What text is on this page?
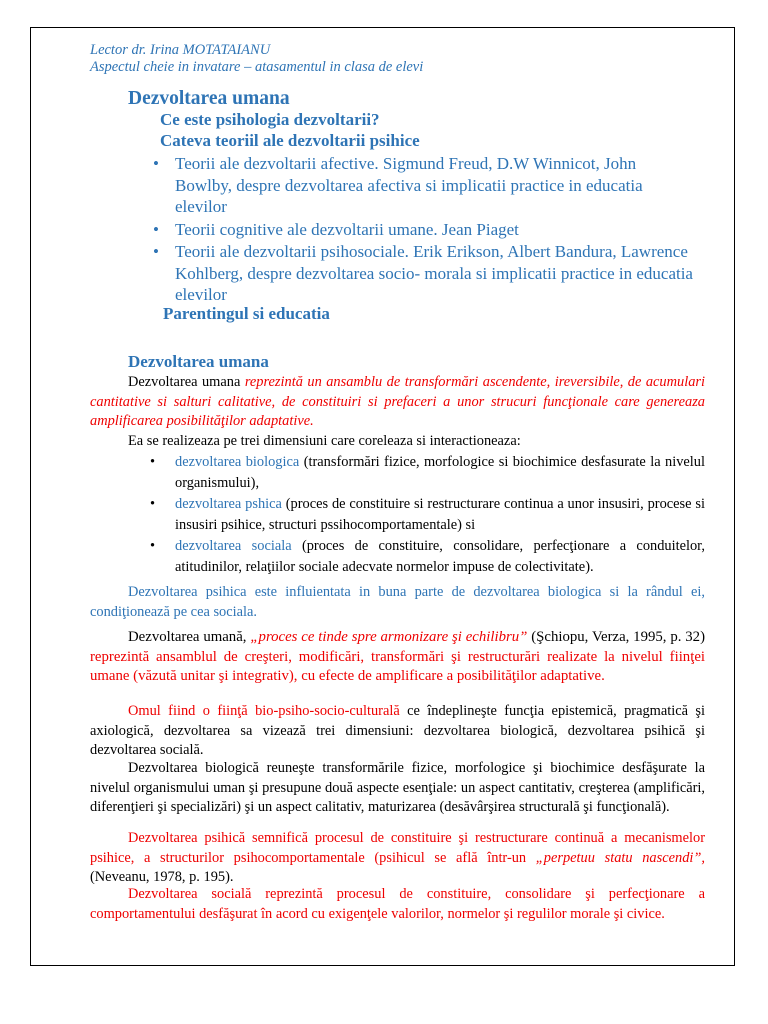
Lector dr. Irina MOTATAIANU
Aspectul cheie in invatare – atasamentul in clasa de elevi
Dezvoltarea umana
Ce este psihologia dezvoltarii?
Cateva teoriil ale dezvoltarii psihice
• Teorii ale dezvoltarii afective. Sigmund Freud, D.W Winnicot, John Bowlby, despre dezvoltarea afectiva si implicatii practice in educatia elevilor
• Teorii cognitive ale dezvoltarii umane. Jean Piaget
• Teorii ale dezvoltarii psihosociale. Erik Erikson, Albert Bandura, Lawrence Kohlberg, despre dezvoltarea socio- morala si implicatii practice in educatia elevilor
Parentingul si educatia
Dezvoltarea umana
Dezvoltarea umana reprezintă un ansamblu de transformări ascendente, ireversibile, de acumulari cantitative si salturi calitative, de constituiri si prefaceri a unor strucuri funcţionale care genereaza amplificarea posibilităţilor adaptative.
Ea se realizeaza pe trei dimensiuni care coreleaza si interactioneaza:
• dezvoltarea biologica (transformări fizice, morfologice si biochimice desfasurate la nivelul organismului),
• dezvoltarea pshica (proces de constituire si restructurare continua a unor insusiri, procese si insusiri psihice, structuri pssihocomportamentale) si
• dezvoltarea sociala (proces de constituire, consolidare, perfecţionare a conduitelor, atitudinilor, relaţiilor sociale adecvate normelor impuse de colectivitate).
Dezvoltarea psihica este influientata in buna parte de dezvoltarea biologica si la rândul ei, condiţionează pe cea sociala.
Dezvoltarea umană, „proces ce tinde spre armonizare şi echilibru” (Şchiopu, Verza, 1995, p. 32) reprezintă ansamblul de creşteri, modificări, transformări şi restructurări realizate la nivelul fiinţei umane (văzută unitar şi integrativ), cu efecte de amplificare a posibilităţilor adaptative.
Omul fiind o fiinţă bio-psiho-socio-culturală ce îndeplineşte funcţia epistemică, pragmatică şi axiologică, dezvoltarea sa vizează trei dimensiuni: dezvoltarea biologică, dezvoltarea psihică şi dezvoltarea socială.
Dezvoltarea biologică reuneşte transformările fizice, morfologice şi biochimice desfăşurate la nivelul organismului uman şi presupune două aspecte esenţiale: un aspect cantitativ, creşterea (amplificări, diferenţieri şi specializări) şi un aspect calitativ, maturizarea (desăvârşirea structurală şi funcţională).
Dezvoltarea psihică semnifică procesul de constituire şi restructurare continuă a mecanismelor psihice, a structurilor psihocomportamentale (psihicul se află într-un „perpetuu statu nascendi”, (Neveanu, 1978, p. 195).
Dezvoltarea socială reprezintă procesul de constituire, consolidare şi perfecţionare a comportamentului desfăşurat în acord cu exigenţele valorilor, normelor şi regulilor morale şi civice.
